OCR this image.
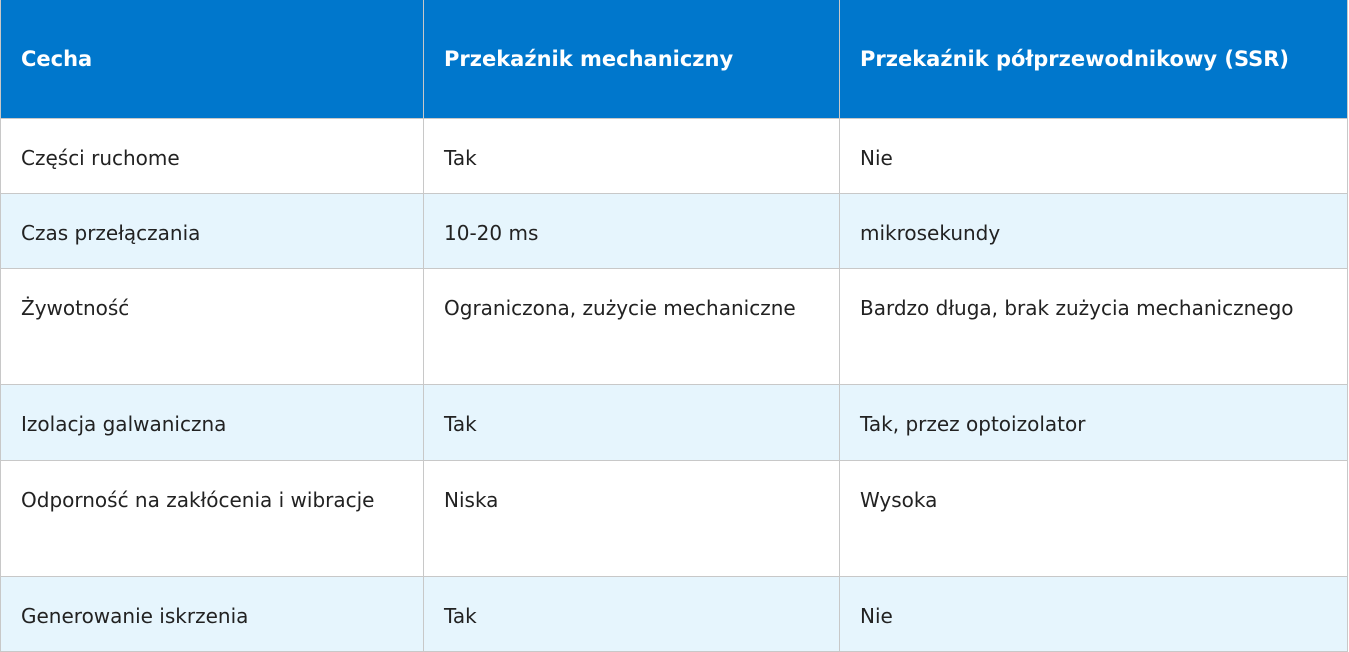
Cecha	Przekaźnik mechaniczny	Przekaźnik półprzewodnikowy (SSR)
Części ruchome	Tak	Nie
Czas przełączania	10-20 ms	mikrosekundy
Żywotność	Ograniczona, zużycie mechaniczne	Bardzo długa, brak zużycia mechanicznego
Izolacja galwaniczna	Tak	Tak, przez optoizolator
Odporność na zakłócenia i wibracje	Niska	Wysoka
Generowanie iskrzenia	Tak	Nie
